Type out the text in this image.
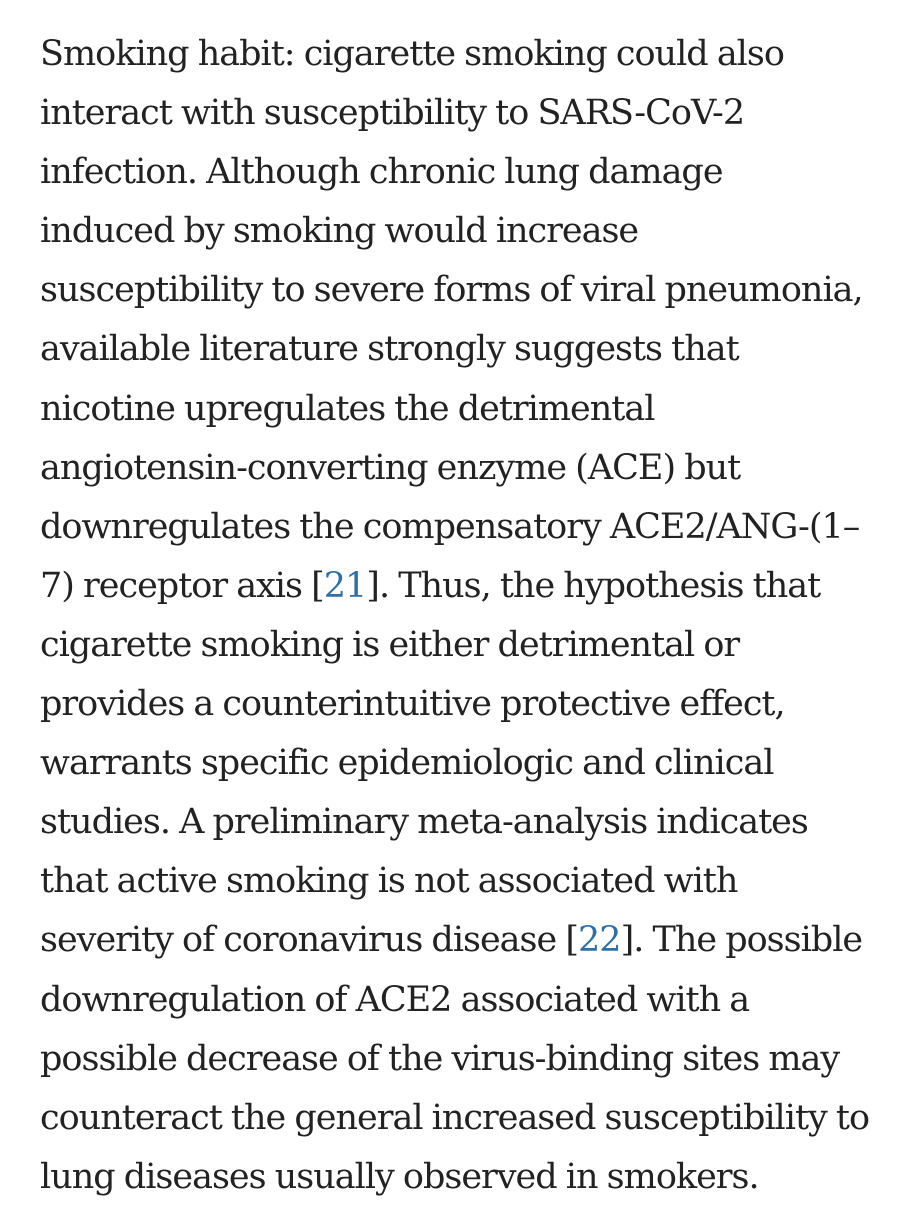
Smoking habit: cigarette smoking could also
interact with susceptibility to SARS-CoV-2
infection. Although chronic lung damage
induced by smoking would increase
susceptibility to severe forms of viral pneumonia,
available literature strongly suggests that
nicotine upregulates the detrimental
angiotensin-converting enzyme (ACE) but
downregulates the compensatory ACE2/ANG-(1–
7) receptor axis [21]. Thus, the hypothesis that
cigarette smoking is either detrimental or
provides a counterintuitive protective effect,
warrants specific epidemiologic and clinical
studies. A preliminary meta-analysis indicates
that active smoking is not associated with
severity of coronavirus disease [22]. The possible
downregulation of ACE2 associated with a
possible decrease of the virus-binding sites may
counteract the general increased susceptibility to
lung diseases usually observed in smokers.
